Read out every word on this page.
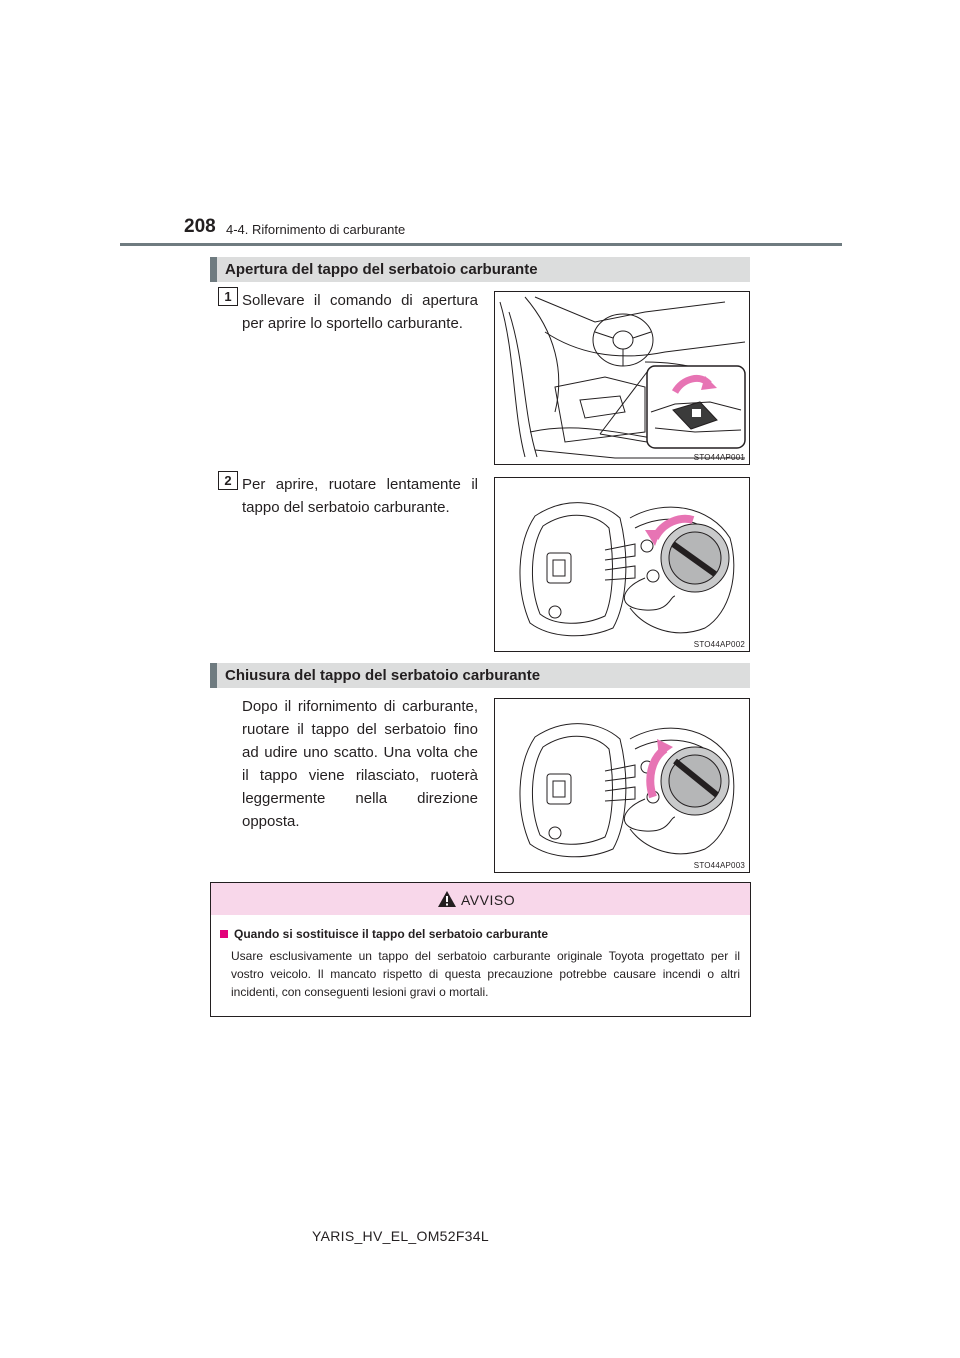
208 4-4. Rifornimento di carburante
Apertura del tappo del serbatoio carburante
1 Sollevare il comando di apertura per aprire lo sportello carburante.
STO44AP001
2 Per aprire, ruotare lentamente il tappo del serbatoio carburante.
STO44AP002
Chiusura del tappo del serbatoio carburante
Dopo il rifornimento di carburante, ruotare il tappo del serbatoio fino ad udire uno scatto. Una volta che il tappo viene rilasciato, ruoterà leggermente nella direzione opposta.
STO44AP003
AVVISO
Quando si sostituisce il tappo del serbatoio carburante
Usare esclusivamente un tappo del serbatoio carburante originale Toyota progettato per il vostro veicolo. Il mancato rispetto di questa precauzione potrebbe causare incendi o altri incidenti, con conseguenti lesioni gravi o mortali.
YARIS_HV_EL_OM52F34L
